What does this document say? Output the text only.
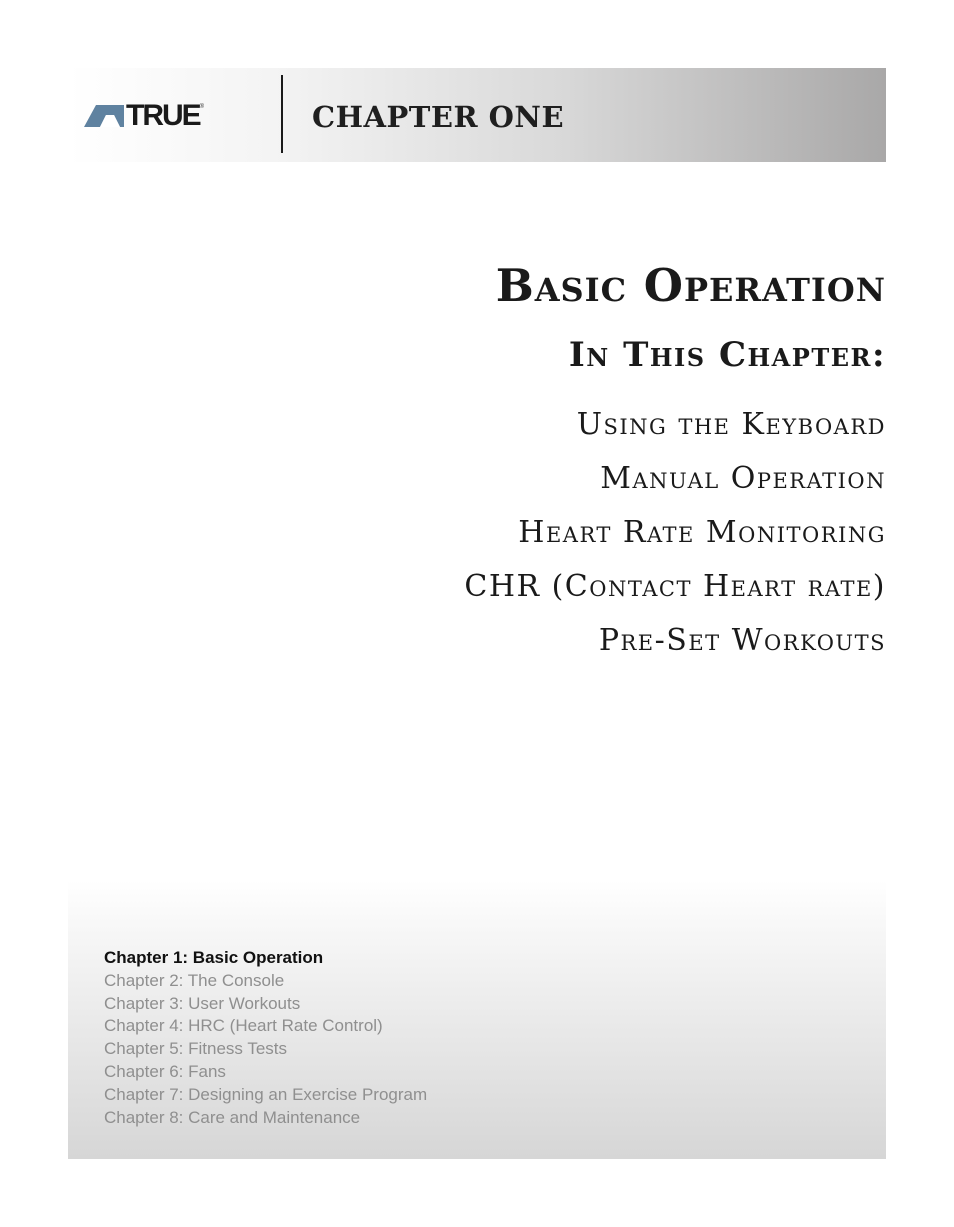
TRUE ®	CHAPTER ONE
Basic Operation
In This Chapter:
Using the Keyboard
Manual Operation
Heart Rate Monitoring
CHR (Contact Heart rate)
Pre-Set Workouts
Chapter 1: Basic Operation
Chapter 2: The Console
Chapter 3: User Workouts
Chapter 4: HRC (Heart Rate Control)
Chapter 5: Fitness Tests
Chapter 6: Fans
Chapter 7: Designing an Exercise Program
Chapter 8: Care and Maintenance
